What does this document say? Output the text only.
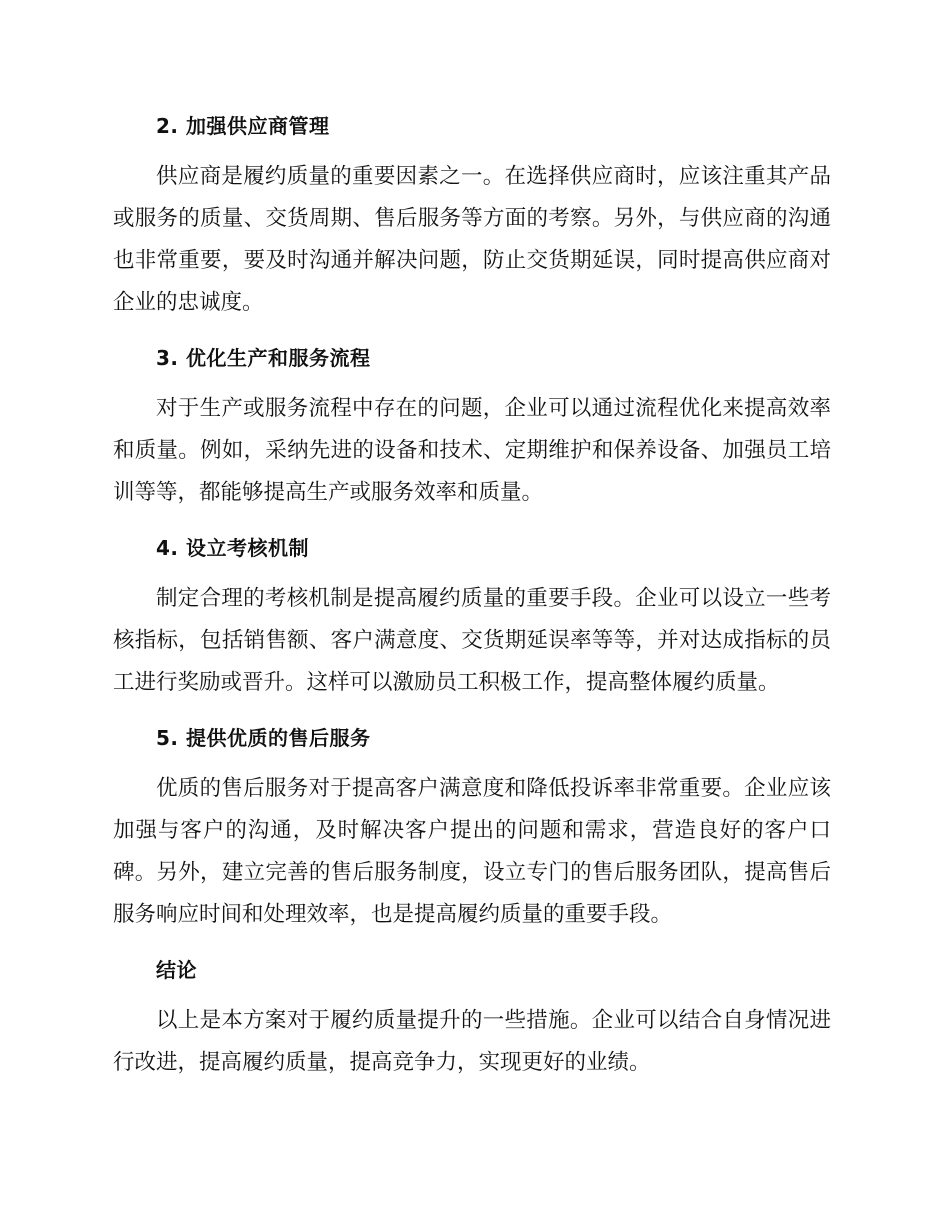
2. 加强供应商管理

供应商是履约质量的重要因素之一。在选择供应商时，应该注重其产品或服务的质量、交货周期、售后服务等方面的考察。另外，与供应商的沟通也非常重要，要及时沟通并解决问题，防止交货期延误，同时提高供应商对企业的忠诚度。

3. 优化生产和服务流程

对于生产或服务流程中存在的问题，企业可以通过流程优化来提高效率和质量。例如，采纳先进的设备和技术、定期维护和保养设备、加强员工培训等等，都能够提高生产或服务效率和质量。

4. 设立考核机制

制定合理的考核机制是提高履约质量的重要手段。企业可以设立一些考核指标，包括销售额、客户满意度、交货期延误率等等，并对达成指标的员工进行奖励或晋升。这样可以激励员工积极工作，提高整体履约质量。

5. 提供优质的售后服务

优质的售后服务对于提高客户满意度和降低投诉率非常重要。企业应该加强与客户的沟通，及时解决客户提出的问题和需求，营造良好的客户口碑。另外，建立完善的售后服务制度，设立专门的售后服务团队，提高售后服务响应时间和处理效率，也是提高履约质量的重要手段。

结论

以上是本方案对于履约质量提升的一些措施。企业可以结合自身情况进行改进，提高履约质量，提高竞争力，实现更好的业绩。
